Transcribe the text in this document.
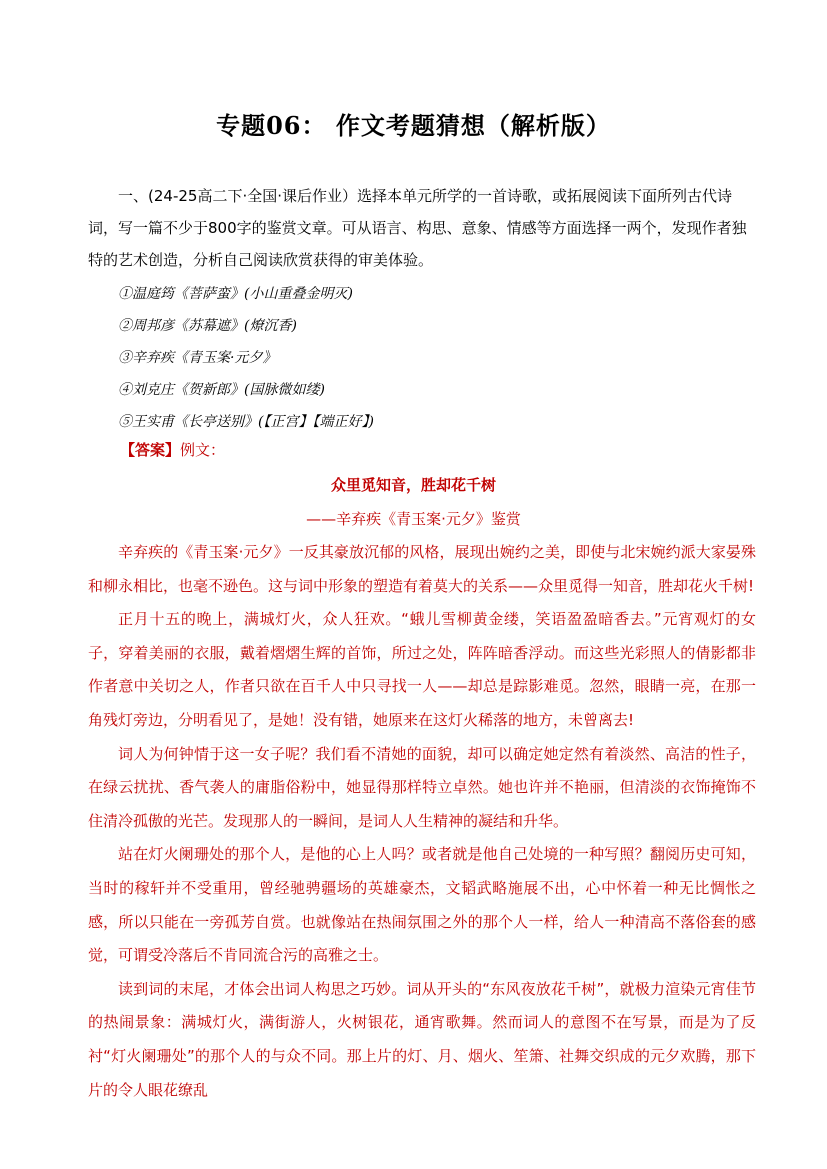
专题06： 作文考题猜想（解析版）

一、(24-25高二下·全国·课后作业）选择本单元所学的一首诗歌，或拓展阅读下面所列古代诗词，写一篇不少于800字的鉴赏文章。可从语言、构思、意象、情感等方面选择一两个，发现作者独特的艺术创造，分析自己阅读欣赏获得的审美体验。

①温庭筠《菩萨蛮》(小山重叠金明灭)
②周邦彦《苏幕遮》(燎沉香)
③辛弃疾《青玉案·元夕》
④刘克庄《贺新郎》(国脉微如缕)
⑤王实甫《长亭送别》(【正宫】【端正好】)
【答案】例文：
众里觅知音，胜却花千树
——辛弃疾《青玉案·元夕》鉴赏

辛弃疾的《青玉案·元夕》一反其豪放沉郁的风格，展现出婉约之美，即使与北宋婉约派大家晏殊和柳永相比，也毫不逊色。这与词中形象的塑造有着莫大的关系——众里觅得一知音，胜却花火千树!

正月十五的晚上，满城灯火，众人狂欢。“蛾儿雪柳黄金缕，笑语盈盈暗香去。”元宵观灯的女子，穿着美丽的衣服，戴着熠熠生辉的首饰，所过之处，阵阵暗香浮动。而这些光彩照人的倩影都非作者意中关切之人，作者只欲在百千人中只寻找一人——却总是踪影难觅。忽然，眼睛一亮，在那一角残灯旁边，分明看见了，是她！没有错，她原来在这灯火稀落的地方，未曾离去!

词人为何钟情于这一女子呢？我们看不清她的面貌，却可以确定她定然有着淡然、高洁的性子，在绿云扰扰、香气袭人的庸脂俗粉中，她显得那样特立卓然。她也许并不艳丽，但清淡的衣饰掩饰不住清冷孤傲的光芒。发现那人的一瞬间，是词人人生精神的凝结和升华。

站在灯火阑珊处的那个人，是他的心上人吗？或者就是他自己处境的一种写照？翻阅历史可知，当时的稼轩并不受重用，曾经驰骋疆场的英雄豪杰，文韬武略施展不出，心中怀着一种无比惆怅之感，所以只能在一旁孤芳自赏。也就像站在热闹氛围之外的那个人一样，给人一种清高不落俗套的感觉，可谓受冷落后不肯同流合污的高雅之士。

读到词的末尾，才体会出词人构思之巧妙。词从开头的“东风夜放花千树”，就极力渲染元宵佳节的热闹景象：满城灯火，满街游人，火树银花，通宵歌舞。然而词人的意图不在写景，而是为了反衬“灯火阑珊处”的那个人的与众不同。那上片的灯、月、烟火、笙箫、社舞交织成的元夕欢腾，那下片的令人眼花缭乱
